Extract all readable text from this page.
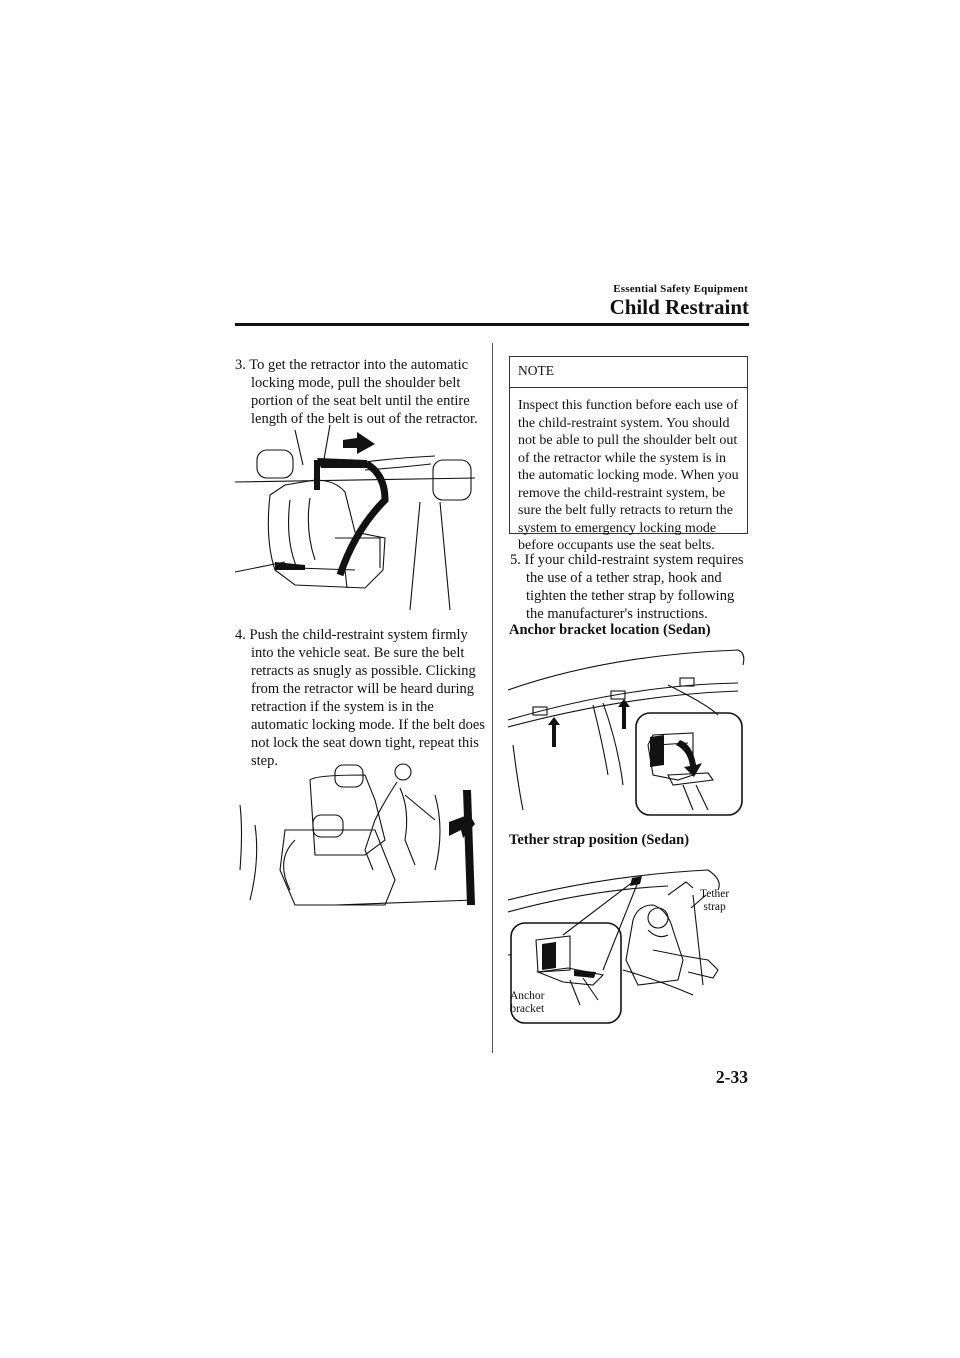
Essential Safety Equipment
Child Restraint

3. To get the retractor into the automatic locking mode, pull the shoulder belt portion of the seat belt until the entire length of the belt is out of the retractor.

4. Push the child-restraint system firmly into the vehicle seat. Be sure the belt retracts as snugly as possible. Clicking from the retractor will be heard during retraction if the system is in the automatic locking mode. If the belt does not lock the seat down tight, repeat this step.

NOTE
Inspect this function before each use of the child-restraint system. You should not be able to pull the shoulder belt out of the retractor while the system is in the automatic locking mode. When you remove the child-restraint system, be sure the belt fully retracts to return the system to emergency locking mode before occupants use the seat belts.

5. If your child-restraint system requires the use of a tether strap, hook and tighten the tether strap by following the manufacturer's instructions.

Anchor bracket location (Sedan)
Tether strap position (Sedan)
Tether
strap
Anchor
bracket
2-33
